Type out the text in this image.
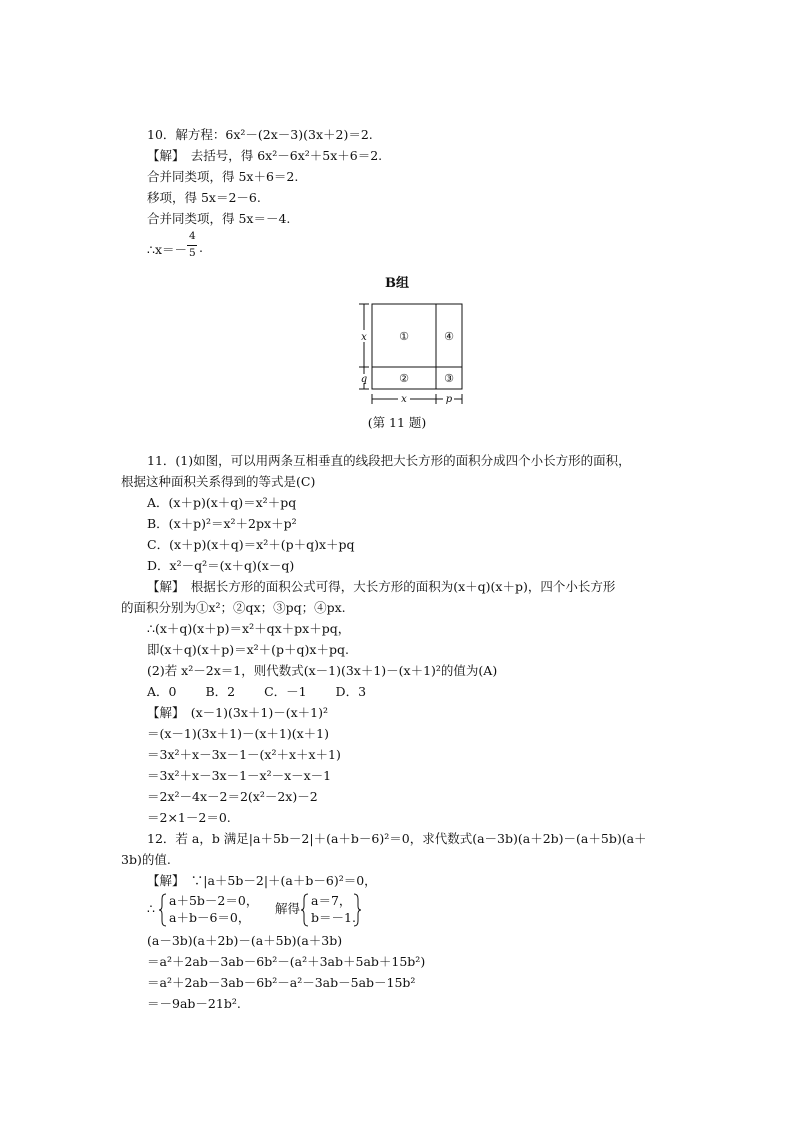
10．解方程：6x²－(2x－3)(3x＋2)＝2.
【解】　去括号，得 6x²－6x²＋5x＋6＝2.
合并同类项，得 5x＋6＝2.
移项，得 5x＝2－6.
合并同类项，得 5x＝－4.
∴x＝－
4
5 .
B组
x
q
x	p
①	④
②	③
(第 11 题)
11．(1)如图，可以用两条互相垂直的线段把大长方形的面积分成四个小长方形的面积，
根据这种面积关系得到的等式是(C)
A．(x＋p)(x＋q)＝x²＋pq
B．(x＋p)²＝x²＋2px＋p²
C．(x＋p)(x＋q)＝x²＋(p＋q)x＋pq
D．x²－q²＝(x＋q)(x－q)
【解】　根据长方形的面积公式可得，大长方形的面积为(x＋q)(x＋p)，四个小长方形
的面积分别为①x²；②qx；③pq；④px.
∴(x＋q)(x＋p)＝x²＋qx＋px＋pq，
即(x＋q)(x＋p)＝x²＋(p＋q)x＋pq.
(2)若 x²－2x＝1，则代数式(x－1)(3x＋1)－(x＋1)²的值为(A)
A．0　　 B．2　　 C．－1　　 D．3
【解】　(x－1)(3x＋1)－(x＋1)²
＝(x－1)(3x＋1)－(x＋1)(x＋1)
＝3x²＋x－3x－1－(x²＋x＋x＋1)
＝3x²＋x－3x－1－x²－x－x－1
＝2x²－4x－2＝2(x²－2x)－2
＝2×1－2＝0.
12．若 a，b 满足|a＋5b－2|＋(a＋b－6)²＝0，求代数式(a－3b)(a＋2b)－(a＋5b)(a＋
3b)的值.
【解】　∵|a＋5b－2|＋(a＋b－6)²＝0，
∴
a＋5b－2＝0，
a＋b－6＝0，
解得
a＝7，
b＝－1.
(a－3b)(a＋2b)－(a＋5b)(a＋3b)
＝a²＋2ab－3ab－6b²－(a²＋3ab＋5ab＋15b²)
＝a²＋2ab－3ab－6b²－a²－3ab－5ab－15b²
＝－9ab－21b².
